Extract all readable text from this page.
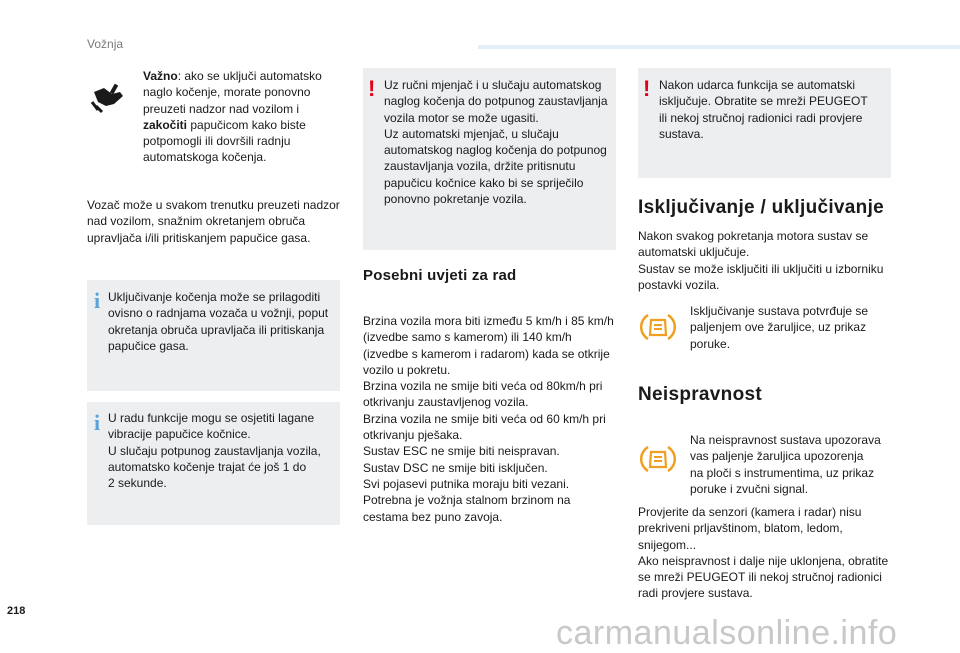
Vožnja

Važno: ako se uključi automatsko

naglo kočenje, morate ponovno

preuzeti nadzor nad vozilom i

zakočiti papučicom kako biste

potpomogli ili dovršili radnju

automatskoga kočenja.

Vozač može u svakom trenutku preuzeti nadzor

nad vozilom, snažnim okretanjem obruča

upravljača i/ili pritiskanjem papučice gasa.

i Uključivanje kočenja može se prilagoditi

ovisno o radnjama vozača u vožnji, poput

okretanja obruča upravljača ili pritiskanja

papučice gasa.

i U radu funkcije mogu se osjetiti lagane

vibracije papučice kočnice.

U slučaju potpunog zaustavljanja vozila,

automatsko kočenje trajat će još 1 do

2 sekunde.

! Uz ručni mjenjač i u slučaju automatskog

naglog kočenja do potpunog zaustavljanja

vozila motor se može ugasiti.

Uz automatski mjenjač, u slučaju

automatskog naglog kočenja do potpunog

zaustavljanja vozila, držite pritisnutu

papučicu kočnice kako bi se spriječilo

ponovno pokretanje vozila.

Posebni uvjeti za rad

Brzina vozila mora biti između 5 km/h i 85 km/h

(izvedbe samo s kamerom) ili 140 km/h

(izvedbe s kamerom i radarom) kada se otkrije

vozilo u pokretu.

Brzina vozila ne smije biti veća od 80km/h pri

otkrivanju zaustavljenog vozila.

Brzina vozila ne smije biti veća od 60 km/h pri

otkrivanju pješaka.

Sustav ESC ne smije biti neispravan.

Sustav DSC ne smije biti isključen.

Svi pojasevi putnika moraju biti vezani.

Potrebna je vožnja stalnom brzinom na

cestama bez puno zavoja.

! Nakon udarca funkcija se automatski

isključuje. Obratite se mreži PEUGEOT

ili nekoj stručnoj radionici radi provjere

sustava.

Isključivanje / uključivanje

Nakon svakog pokretanja motora sustav se

automatski uključuje.

Sustav se može isključiti ili uključiti u izborniku

postavki vozila.

Isključivanje sustava potvrđuje se

paljenjem ove žaruljice, uz prikaz

poruke.

Neispravnost

Na neispravnost sustava upozorava

vas paljenje žaruljica upozorenja

na ploči s instrumentima, uz prikaz

poruke i zvučni signal.

Provjerite da senzori (kamera i radar) nisu

prekriveni prljavštinom, blatom, ledom,

snijegom...

Ako neispravnost i dalje nije uklonjena, obratite

se mreži PEUGEOT ili nekoj stručnoj radionici

radi provjere sustava.

218
carmanualsonline.info
